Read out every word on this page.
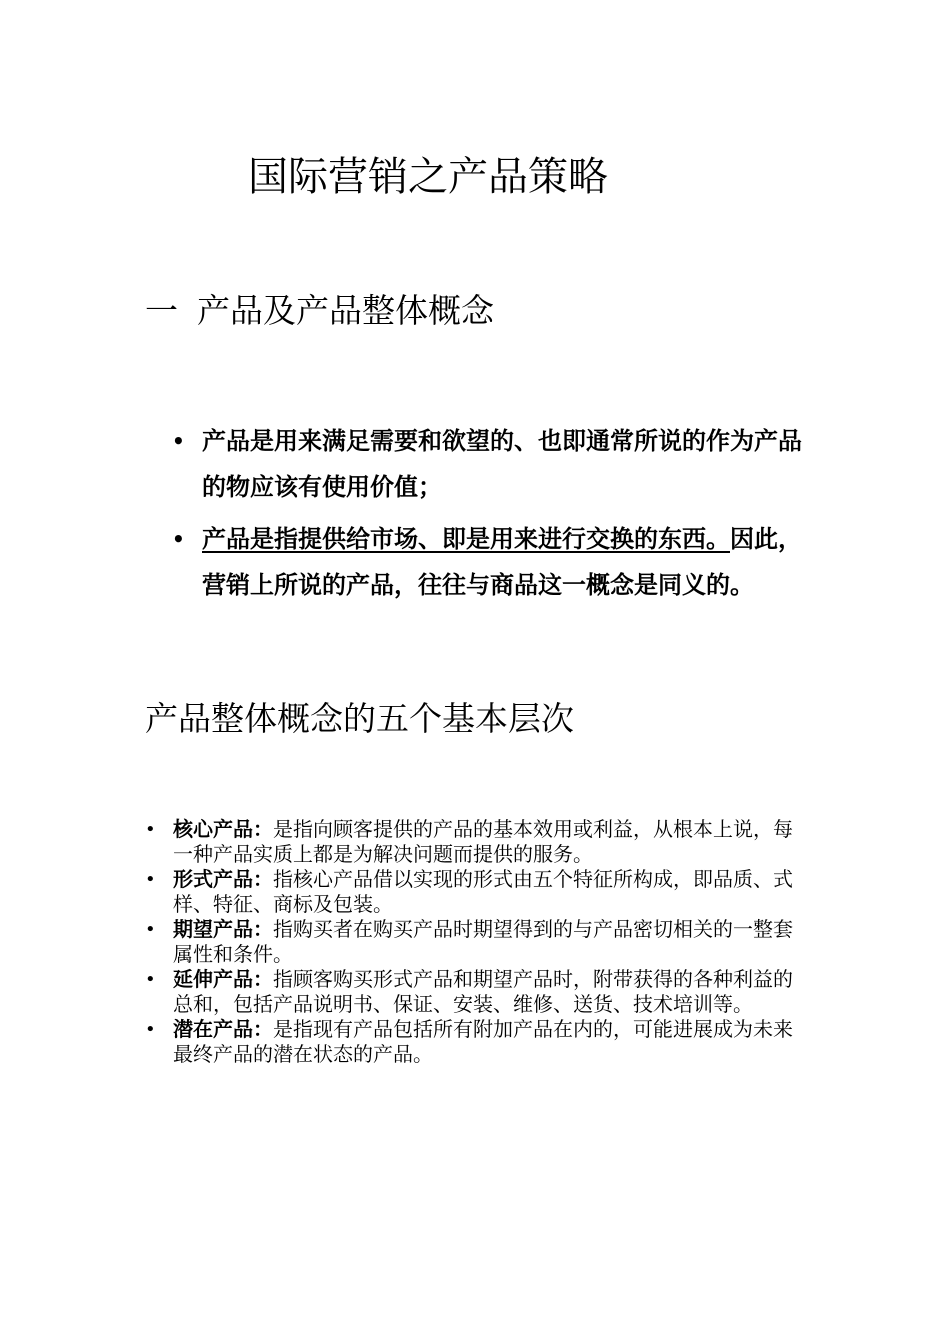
国际营销之产品策略
一 产品及产品整体概念
• 产品是用来满足需要和欲望的、也即通常所说的作为产品的物应该有使用价值；
• 产品是指提供给市场、即是用来进行交换的东西。因此，营销上所说的产品，往往与商品这一概念是同义的。
产品整体概念的五个基本层次
• 核心产品：是指向顾客提供的产品的基本效用或利益，从根本上说，每一种产品实质上都是为解决问题而提供的服务。
• 形式产品：指核心产品借以实现的形式由五个特征所构成，即品质、式样、特征、商标及包装。
• 期望产品：指购买者在购买产品时期望得到的与产品密切相关的一整套属性和条件。
• 延伸产品：指顾客购买形式产品和期望产品时，附带获得的各种利益的总和，包括产品说明书、保证、安装、维修、送货、技术培训等。
• 潜在产品：是指现有产品包括所有附加产品在内的，可能进展成为未来最终产品的潜在状态的产品。
